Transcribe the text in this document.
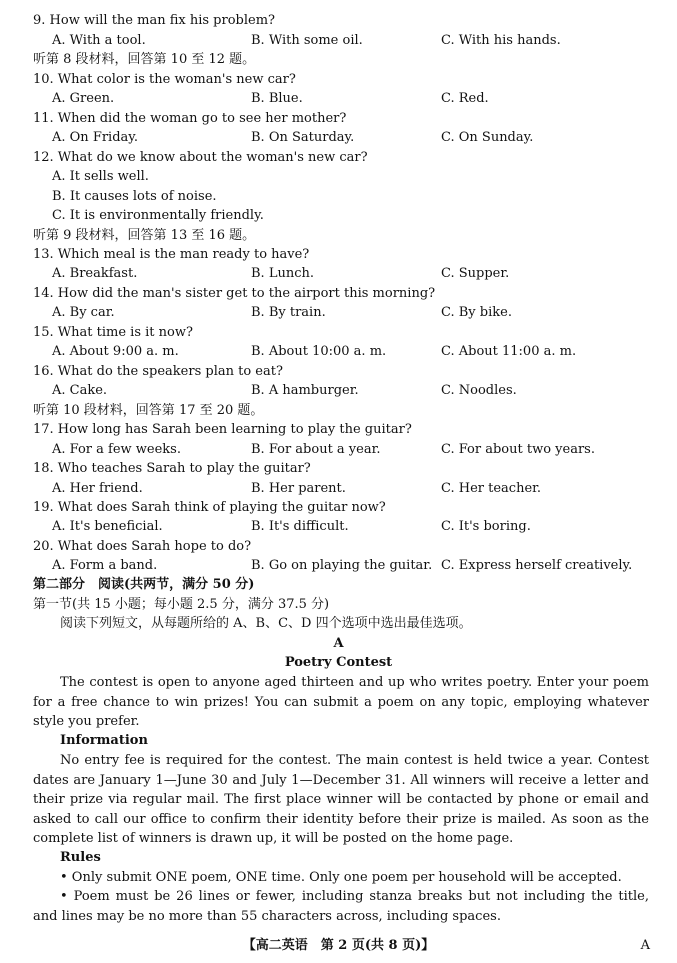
9. How will the man fix his problem?
A. With a tool.	B. With some oil.	C. With his hands.
听第 8 段材料，回答第 10 至 12 题。
10. What color is the woman's new car?
A. Green.	B. Blue.	C. Red.
11. When did the woman go to see her mother?
A. On Friday.	B. On Saturday.	C. On Sunday.
12. What do we know about the woman's new car?
A. It sells well.
B. It causes lots of noise.
C. It is environmentally friendly.
听第 9 段材料，回答第 13 至 16 题。
13. Which meal is the man ready to have?
A. Breakfast.	B. Lunch.	C. Supper.
14. How did the man's sister get to the airport this morning?
A. By car.	B. By train.	C. By bike.
15. What time is it now?
A. About 9:00 a. m.	B. About 10:00 a. m.	C. About 11:00 a. m.
16. What do the speakers plan to eat?
A. Cake.	B. A hamburger.	C. Noodles.
听第 10 段材料，回答第 17 至 20 题。
17. How long has Sarah been learning to play the guitar?
A. For a few weeks.	B. For about a year.	C. For about two years.
18. Who teaches Sarah to play the guitar?
A. Her friend.	B. Her parent.	C. Her teacher.
19. What does Sarah think of playing the guitar now?
A. It's beneficial.	B. It's difficult.	C. It's boring.
20. What does Sarah hope to do?
A. Form a band.	B. Go on playing the guitar. C. Express herself creatively.
第二部分　阅读(共两节，满分 50 分)
第一节(共 15 小题；每小题 2.5 分，满分 37.5 分)
阅读下列短文，从每题所给的 A、B、C、D 四个选项中选出最佳选项。
A
Poetry Contest
The contest is open to anyone aged thirteen and up who writes poetry. Enter your poem
for a free chance to win prizes! You can submit a poem on any topic, employing whatever
style you prefer.
Information
No entry fee is required for the contest. The main contest is held twice a year. Contest
dates are January 1—June 30 and July 1—December 31. All winners will receive a letter and
their prize via regular mail. The first place winner will be contacted by phone or email and
asked to call our office to confirm their identity before their prize is mailed. As soon as the
complete list of winners is drawn up, it will be posted on the home page.
Rules
• Only submit ONE poem, ONE time. Only one poem per household will be accepted.
• Poem must be 26 lines or fewer, including stanza breaks but not including the title,
and lines may be no more than 55 characters across, including spaces.
【高二英语　第 2 页(共 8 页)】	A
